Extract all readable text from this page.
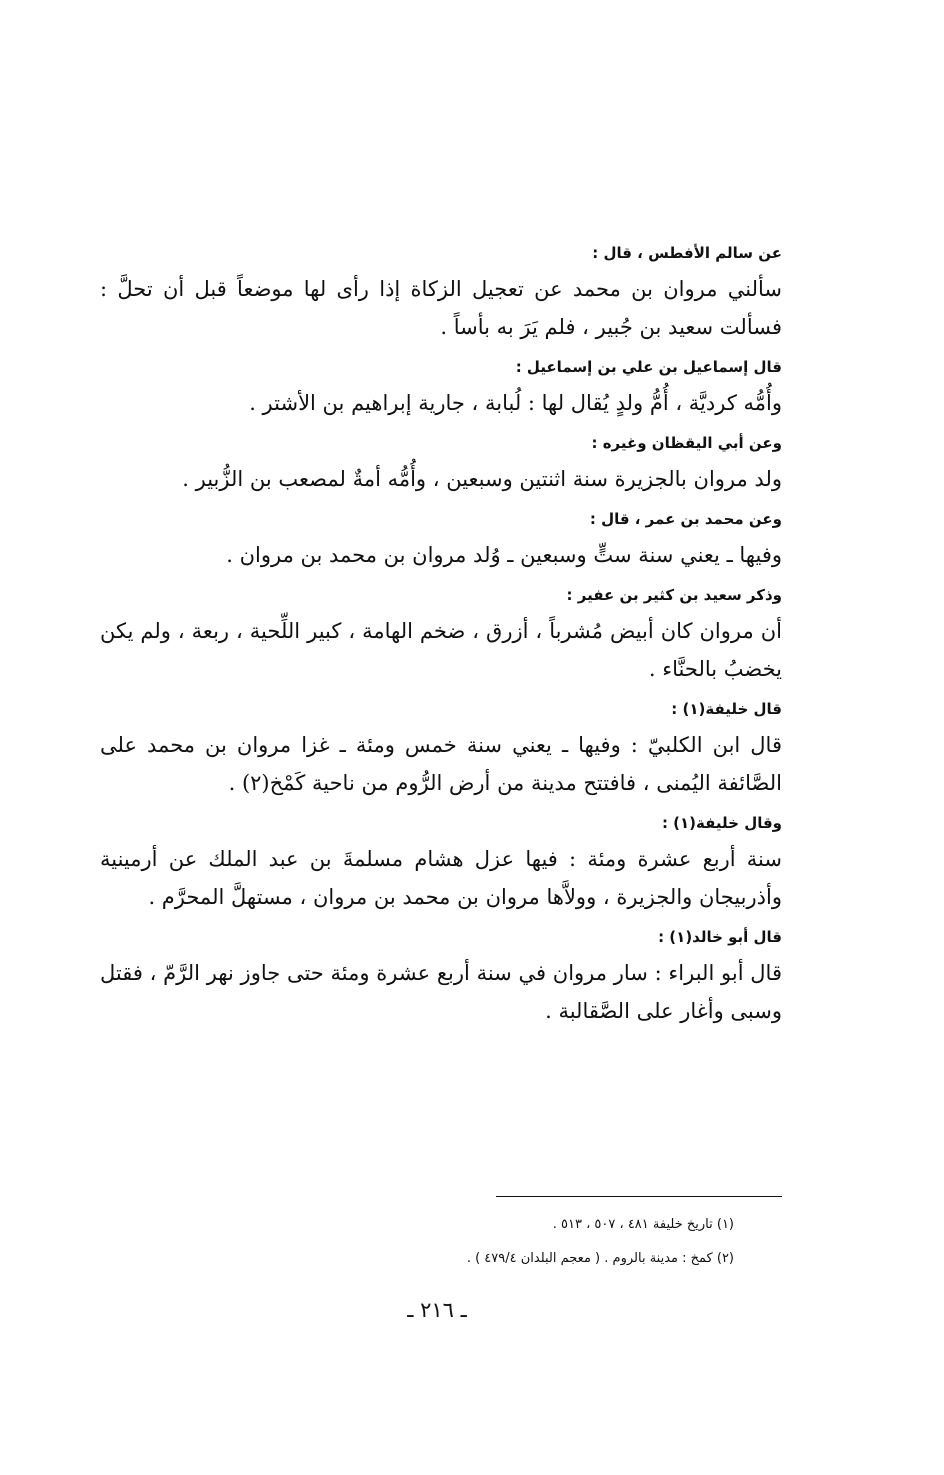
عن سالم الأفطس ، قال :

سألني مروان بن محمد عن تعجيل الزكاة إذا رأى لها موضعاً قبل أن تحلَّ : فسألت سعيد بن جُبير ، فلم يَرَ به بأساً .

قال إسماعيل بن علي بن إسماعيل :

وأُمُّه كرديَّة ، أُمُّ ولدٍ يُقال لها : لُبابة ، جارية إبراهيم بن الأشتر .

وعن أبي اليقظان وغيره :

ولد مروان بالجزيرة سنة اثنتين وسبعين ، وأُمُّه أمةٌ لمصعب بن الزُّبير .

وعن محمد بن عمر ، قال :

وفيها ـ يعني سنة ستٍّ وسبعين ـ وُلد مروان بن محمد بن مروان .

وذكر سعيد بن كثير بن عفير :

أن مروان كان أبيض مُشرباً ، أزرق ، ضخم الهامة ، كبير اللِّحية ، ربعة ، ولم يكن يخضبُ بالحنَّاء .

قال خليفة(١) :

قال ابن الكلبيّ : وفيها ـ يعني سنة خمس ومئة ـ غزا مروان بن محمد على الصَّائفة اليُمنى ، فافتتح مدينة من أرض الرُّوم من ناحية كَمْخ(٢) .

وقال خليفة(١) :

سنة أربع عشرة ومئة : فيها عزل هشام مسلمةَ بن عبد الملك عن أرمينية وأذربيجان والجزيرة ، وولاَّها مروان بن محمد بن مروان ، مستهلَّ المحرَّم .

قال أبو خالد(١) :

قال أبو البراء : سار مروان في سنة أربع عشرة ومئة حتى جاوز نهر الرَّمّ ، فقتل وسبى وأغار على الصَّقالبة .

(١) تاريخ خليفة ٤٨١ ، ٥٠٧ ، ٥١٣ .
(٢) كمخ : مدينة بالروم . ( معجم البلدان ٤٧٩/٤ ) .
ـ ٢١٦ ـ
